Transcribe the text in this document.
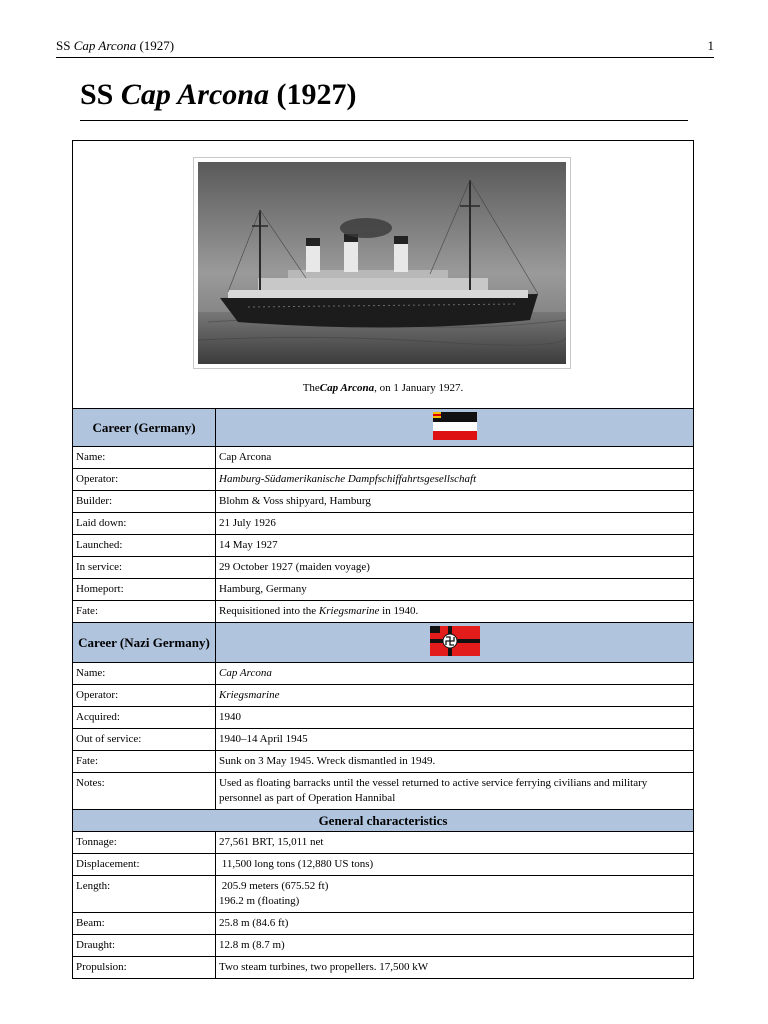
SS Cap Arcona (1927)	1
SS Cap Arcona (1927)
The Cap Arcona , on 1 January 1927.
Career (Germany)	
Name:	Cap Arcona
Operator:	Hamburg-Südamerikanische Dampfschiffahrtsgesellschaft
Builder:	Blohm & Voss shipyard, Hamburg
Laid down:	21 July 1926
Launched:	14 May 1927
In service:	29 October 1927 (maiden voyage)
Homeport:	Hamburg, Germany
Fate:	Requisitioned into the Kriegsmarine in 1940.
Career (Nazi Germany)	
Name:	Cap Arcona
Operator:	Kriegsmarine
Acquired:	1940
Out of service:	1940–14 April 1945
Fate:	Sunk on 3 May 1945. Wreck dismantled in 1949.
Notes:	Used as floating barracks until the vessel returned to active service ferrying civilians and military personnel as part of Operation Hannibal
General characteristics	
Tonnage:	27,561 BRT, 15,011 net
Displacement:	11,500 long tons (12,880 US tons)
Length:	205.9 meters (675.52 ft)
196.2 m (floating)

Beam:	25.8 m (84.6 ft)
Draught:	12.8 m (8.7 m)
Propulsion:	Two steam turbines, two propellers. 17,500 kW
